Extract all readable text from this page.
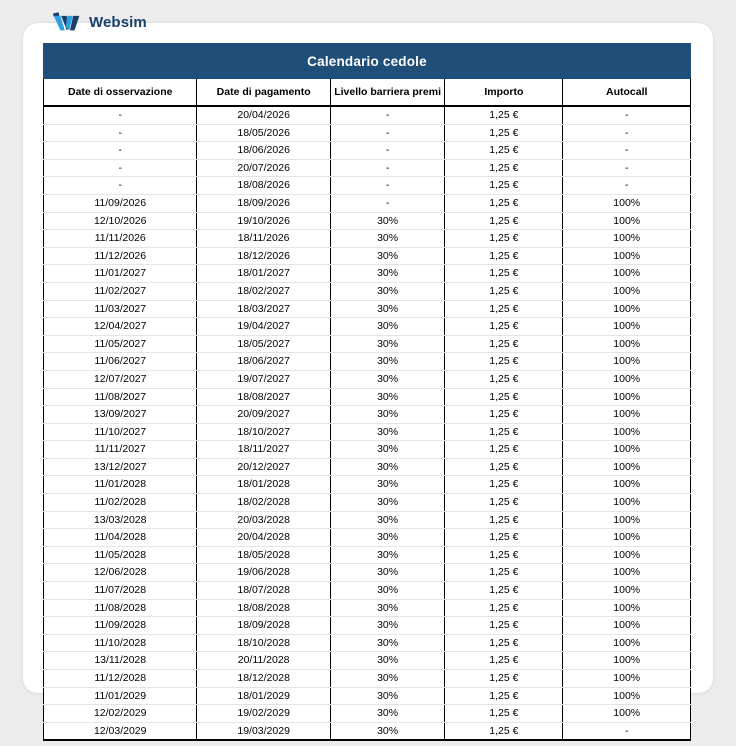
Websim
Calendario cedole				
Date di osservazione	Date di pagamento	Livello barriera premi	Importo	Autocall
-	20/04/2026	-	1,25 €	-
-	18/05/2026	-	1,25 €	-
-	18/06/2026	-	1,25 €	-
-	20/07/2026	-	1,25 €	-
-	18/08/2026	-	1,25 €	-
11/09/2026	18/09/2026	-	1,25 €	100%
12/10/2026	19/10/2026	30%	1,25 €	100%
11/11/2026	18/11/2026	30%	1,25 €	100%
11/12/2026	18/12/2026	30%	1,25 €	100%
11/01/2027	18/01/2027	30%	1,25 €	100%
11/02/2027	18/02/2027	30%	1,25 €	100%
11/03/2027	18/03/2027	30%	1,25 €	100%
12/04/2027	19/04/2027	30%	1,25 €	100%
11/05/2027	18/05/2027	30%	1,25 €	100%
11/06/2027	18/06/2027	30%	1,25 €	100%
12/07/2027	19/07/2027	30%	1,25 €	100%
11/08/2027	18/08/2027	30%	1,25 €	100%
13/09/2027	20/09/2027	30%	1,25 €	100%
11/10/2027	18/10/2027	30%	1,25 €	100%
11/11/2027	18/11/2027	30%	1,25 €	100%
13/12/2027	20/12/2027	30%	1,25 €	100%
11/01/2028	18/01/2028	30%	1,25 €	100%
11/02/2028	18/02/2028	30%	1,25 €	100%
13/03/2028	20/03/2028	30%	1,25 €	100%
11/04/2028	20/04/2028	30%	1,25 €	100%
11/05/2028	18/05/2028	30%	1,25 €	100%
12/06/2028	19/06/2028	30%	1,25 €	100%
11/07/2028	18/07/2028	30%	1,25 €	100%
11/08/2028	18/08/2028	30%	1,25 €	100%
11/09/2028	18/09/2028	30%	1,25 €	100%
11/10/2028	18/10/2028	30%	1,25 €	100%
13/11/2028	20/11/2028	30%	1,25 €	100%
11/12/2028	18/12/2028	30%	1,25 €	100%
11/01/2029	18/01/2029	30%	1,25 €	100%
12/02/2029	19/02/2029	30%	1,25 €	100%
12/03/2029	19/03/2029	30%	1,25 €	-
